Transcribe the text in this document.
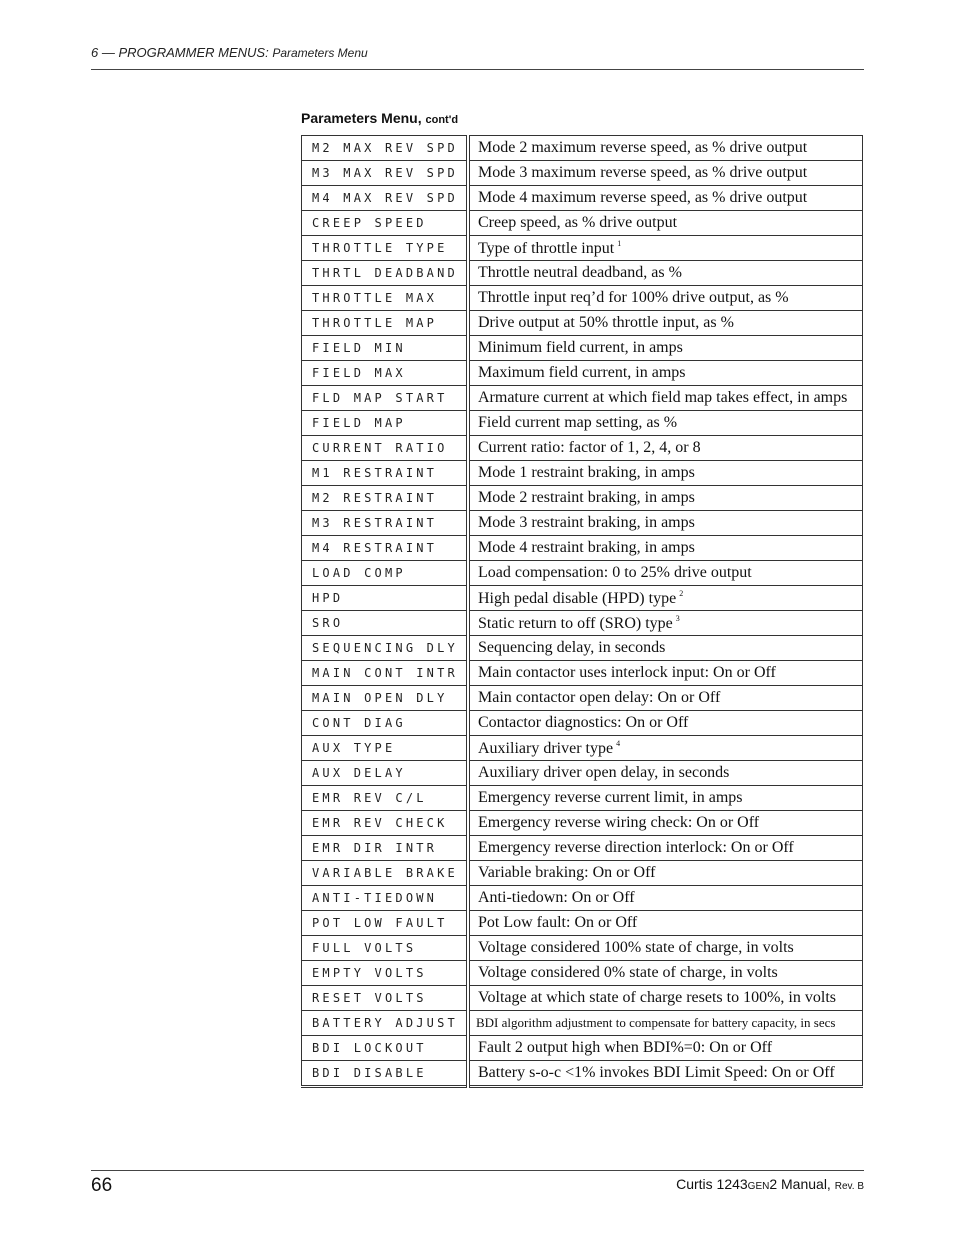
6 — PROGRAMMER MENUS: Parameters Menu
Parameters Menu, cont'd
M2 MAX REV SPD	Mode 2 maximum reverse speed, as % drive output
M3 MAX REV SPD	Mode 3 maximum reverse speed, as % drive output
M4 MAX REV SPD	Mode 4 maximum reverse speed, as % drive output
CREEP SPEED	Creep speed, as % drive output
THROTTLE TYPE	Type of throttle input $^1$
THRTL DEADBAND	Throttle neutral deadband, as %
THROTTLE MAX	Throttle input req’d for 100% drive output, as %
THROTTLE MAP	Drive output at 50% throttle input, as %
FIELD MIN	Minimum field current, in amps
FIELD MAX	Maximum field current, in amps
FLD MAP START	Armature current at which field map takes effect, in amps
FIELD MAP	Field current map setting, as %
CURRENT RATIO	Current ratio: factor of 1, 2, 4, or 8
M1 RESTRAINT	Mode 1 restraint braking, in amps
M2 RESTRAINT	Mode 2 restraint braking, in amps
M3 RESTRAINT	Mode 3 restraint braking, in amps
M4 RESTRAINT	Mode 4 restraint braking, in amps
LOAD COMP	Load compensation: 0 to 25% drive output
HPD	High pedal disable (HPD) type $^2$
SRO	Static return to off (SRO) type $^3$
SEQUENCING DLY	Sequencing delay, in seconds
MAIN CONT INTR	Main contactor uses interlock input: On or Off
MAIN OPEN DLY	Main contactor open delay: On or Off
CONT DIAG	Contactor diagnostics: On or Off
AUX TYPE	Auxiliary driver type $^4$
AUX DELAY	Auxiliary driver open delay, in seconds
EMR REV C/L	Emergency reverse current limit, in amps
EMR REV CHECK	Emergency reverse wiring check: On or Off
EMR DIR INTR	Emergency reverse direction interlock: On or Off
VARIABLE BRAKE	Variable braking: On or Off
ANTI-TIEDOWN	Anti-tiedown: On or Off
POT LOW FAULT	Pot Low fault: On or Off
FULL VOLTS	Voltage considered 100% state of charge, in volts
EMPTY VOLTS	Voltage considered 0% state of charge, in volts
RESET VOLTS	Voltage at which state of charge resets to 100%, in volts
BATTERY ADJUST	BDI algorithm adjustment to compensate for battery capacity, in secs
BDI LOCKOUT	Fault 2 output high when BDI%=0: On or Off
BDI DISABLE	Battery s-o-c <1% invokes BDI Limit Speed: On or Off
66	Curtis 1243GEN2 Manual, Rev. B
